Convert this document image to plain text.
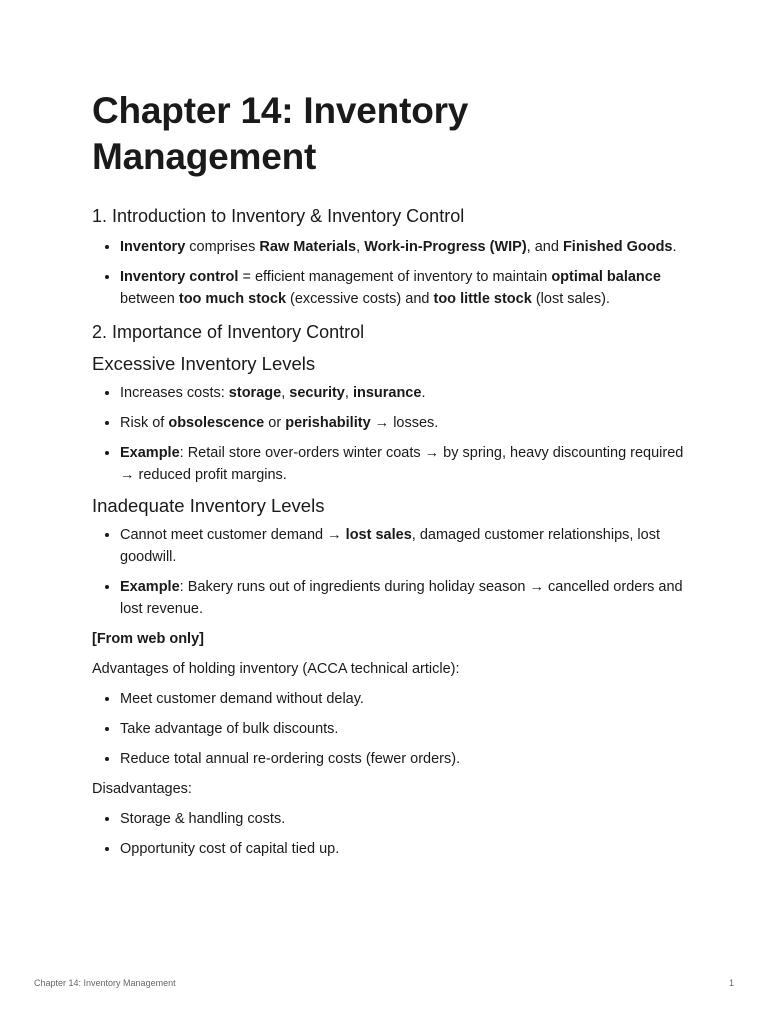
Chapter 14: Inventory Management
1. Introduction to Inventory & Inventory Control
• Inventory comprises Raw Materials, Work-in-Progress (WIP), and Finished Goods.
• Inventory control = efficient management of inventory to maintain optimal balance between too much stock (excessive costs) and too little stock (lost sales).
2. Importance of Inventory Control
Excessive Inventory Levels
• Increases costs: storage, security, insurance.
• Risk of obsolescence or perishability → losses.
• Example: Retail store over-orders winter coats → by spring, heavy discounting required → reduced profit margins.
Inadequate Inventory Levels
• Cannot meet customer demand → lost sales, damaged customer relationships, lost goodwill.
• Example: Bakery runs out of ingredients during holiday season → cancelled orders and lost revenue.

[From web only]

Advantages of holding inventory (ACCA technical article):

• Meet customer demand without delay.
• Take advantage of bulk discounts.
• Reduce total annual re-ordering costs (fewer orders).

Disadvantages:

• Storage & handling costs.
• Opportunity cost of capital tied up.
Chapter 14: Inventory Management	1
